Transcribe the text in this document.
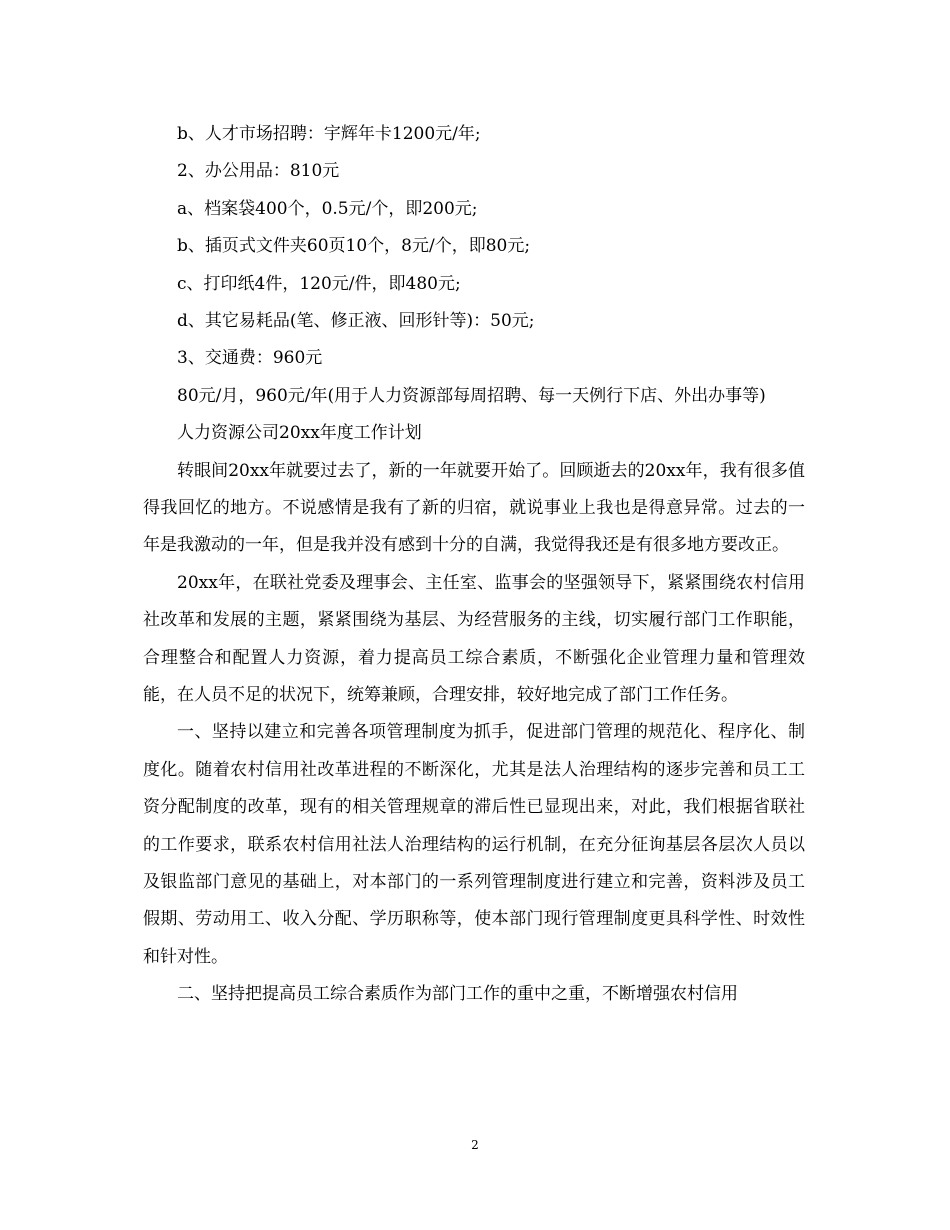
b、人才市场招聘：宇辉年卡1200元/年;
2、办公用品：810元
a、档案袋400个，0.5元/个，即200元;
b、插页式文件夹60页10个，8元/个，即80元;
c、打印纸4件，120元/件，即480元;
d、其它易耗品(笔、修正液、回形针等)：50元;
3、交通费：960元
80元/月，960元/年(用于人力资源部每周招聘、每一天例行下店、外出办事等)
人力资源公司20xx年度工作计划
转眼间20xx年就要过去了，新的一年就要开始了。回顾逝去的20xx年，我有很多值得我回忆的地方。不说感情是我有了新的归宿，就说事业上我也是得意异常。过去的一年是我激动的一年，但是我并没有感到十分的自满，我觉得我还是有很多地方要改正。
20xx年，在联社党委及理事会、主任室、监事会的坚强领导下，紧紧围绕农村信用社改革和发展的主题，紧紧围绕为基层、为经营服务的主线，切实履行部门工作职能，合理整合和配置人力资源，着力提高员工综合素质，不断强化企业管理力量和管理效能，在人员不足的状况下，统筹兼顾，合理安排，较好地完成了部门工作任务。
一、坚持以建立和完善各项管理制度为抓手，促进部门管理的规范化、程序化、制度化。随着农村信用社改革进程的不断深化，尤其是法人治理结构的逐步完善和员工工资分配制度的改革，现有的相关管理规章的滞后性已显现出来，对此，我们根据省联社的工作要求，联系农村信用社法人治理结构的运行机制，在充分征询基层各层次人员以及银监部门意见的基础上，对本部门的一系列管理制度进行建立和完善，资料涉及员工假期、劳动用工、收入分配、学历职称等，使本部门现行管理制度更具科学性、时效性和针对性。
二、坚持把提高员工综合素质作为部门工作的重中之重，不断增强农村信用
2
